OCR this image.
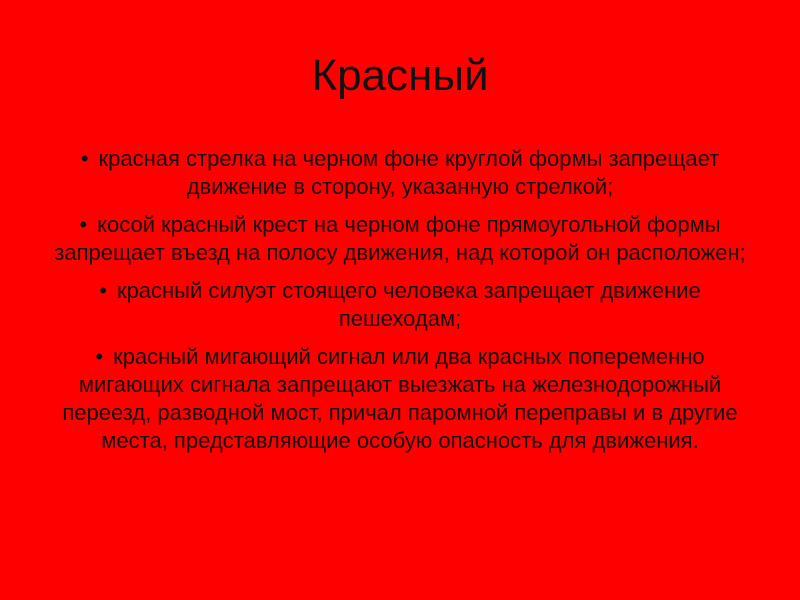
Красный
• красная стрелка на черном фоне круглой формы запрещает движение в сторону, указанную стрелкой;
• косой красный крест на черном фоне прямоугольной формы запрещает въезд на полосу движения, над которой он расположен;
• красный силуэт стоящего человека запрещает движение пешеходам;
• красный мигающий сигнал или два красных попеременно мигающих сигнала запрещают выезжать на железнодорожный переезд, разводной мост, причал паромной переправы и в другие места, представляющие особую опасность для движения.
